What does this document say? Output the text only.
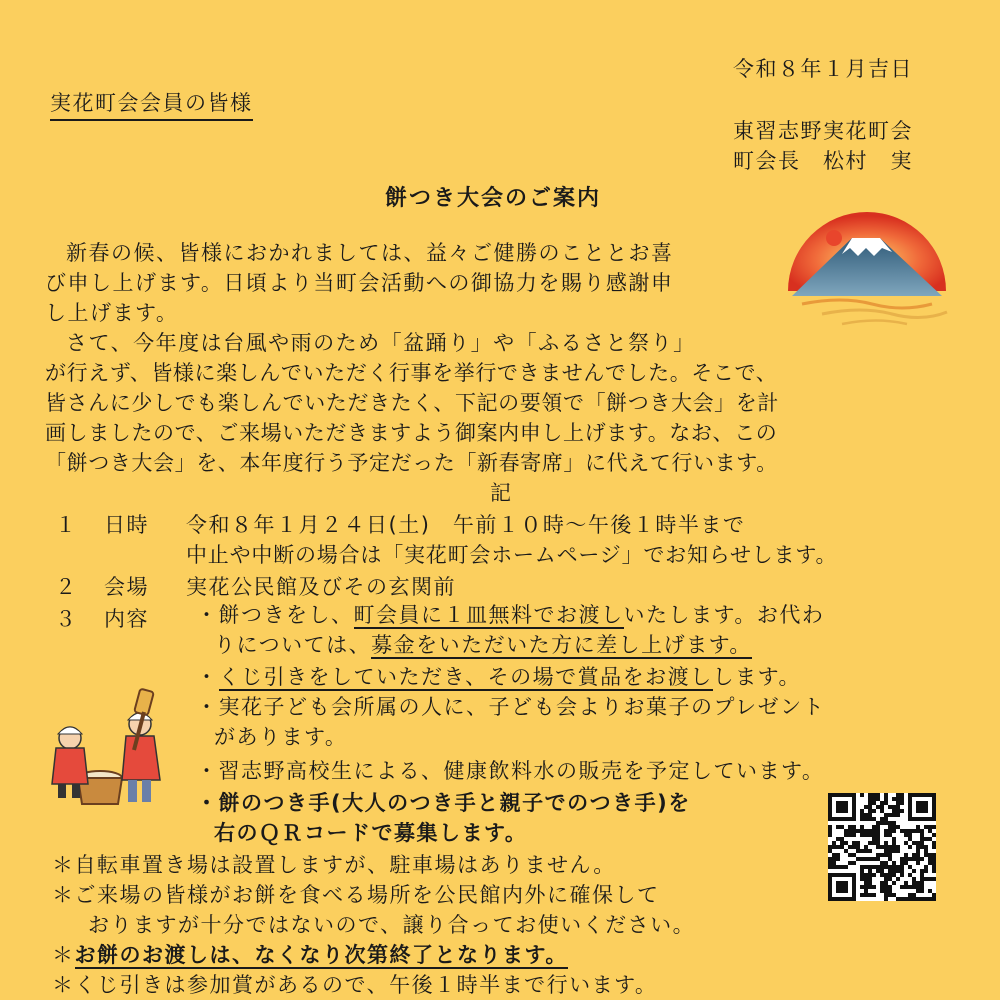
令和８年１月吉日
実花町会会員の皆様
東習志野実花町会
町会長　松村　実
餅つき大会のご案内
新春の候、皆様におかれましては、益々ご健勝のこととお喜
び申し上げます。日頃より当町会活動への御協力を賜り感謝申
し上げます。
さて、今年度は台風や雨のため「盆踊り」や「ふるさと祭り」
が行えず、皆様に楽しんでいただく行事を挙行できませんでした。そこで、
皆さんに少しでも楽しんでいただきたく、下記の要領で「餅つき大会」を計
画しましたので、ご来場いただきますよう御案内申し上げます。なお、この
「餅つき大会」を、本年度行う予定だった「新春寄席」に代えて行います。
記
１ 日時 令和８年１月２４日(土)　午前１０時～午後１時半まで
中止や中断の場合は「実花町会ホームページ」でお知らせします。
２ 会場 実花公民館及びその玄関前
３ 内容 ・餅つきをし、町会員に１皿無料でお渡しいたします。お代わ
りについては、募金をいただいた方に差し上げます。
・くじ引きをしていただき、その場で賞品をお渡しします。
・実花子ども会所属の人に、子ども会よりお菓子のプレゼント
があります。
・習志野高校生による、健康飲料水の販売を予定しています。
・餅のつき手(大人のつき手と親子でのつき手)を
右のＱＲコードで募集します。
＊自転車置き場は設置しますが、駐車場はありません。
＊ご来場の皆様がお餅を食べる場所を公民館内外に確保して
おりますが十分ではないので、譲り合ってお使いください。
＊お餅のお渡しは、なくなり次第終了となります。
＊くじ引きは参加賞があるので、午後１時半まで行います。
